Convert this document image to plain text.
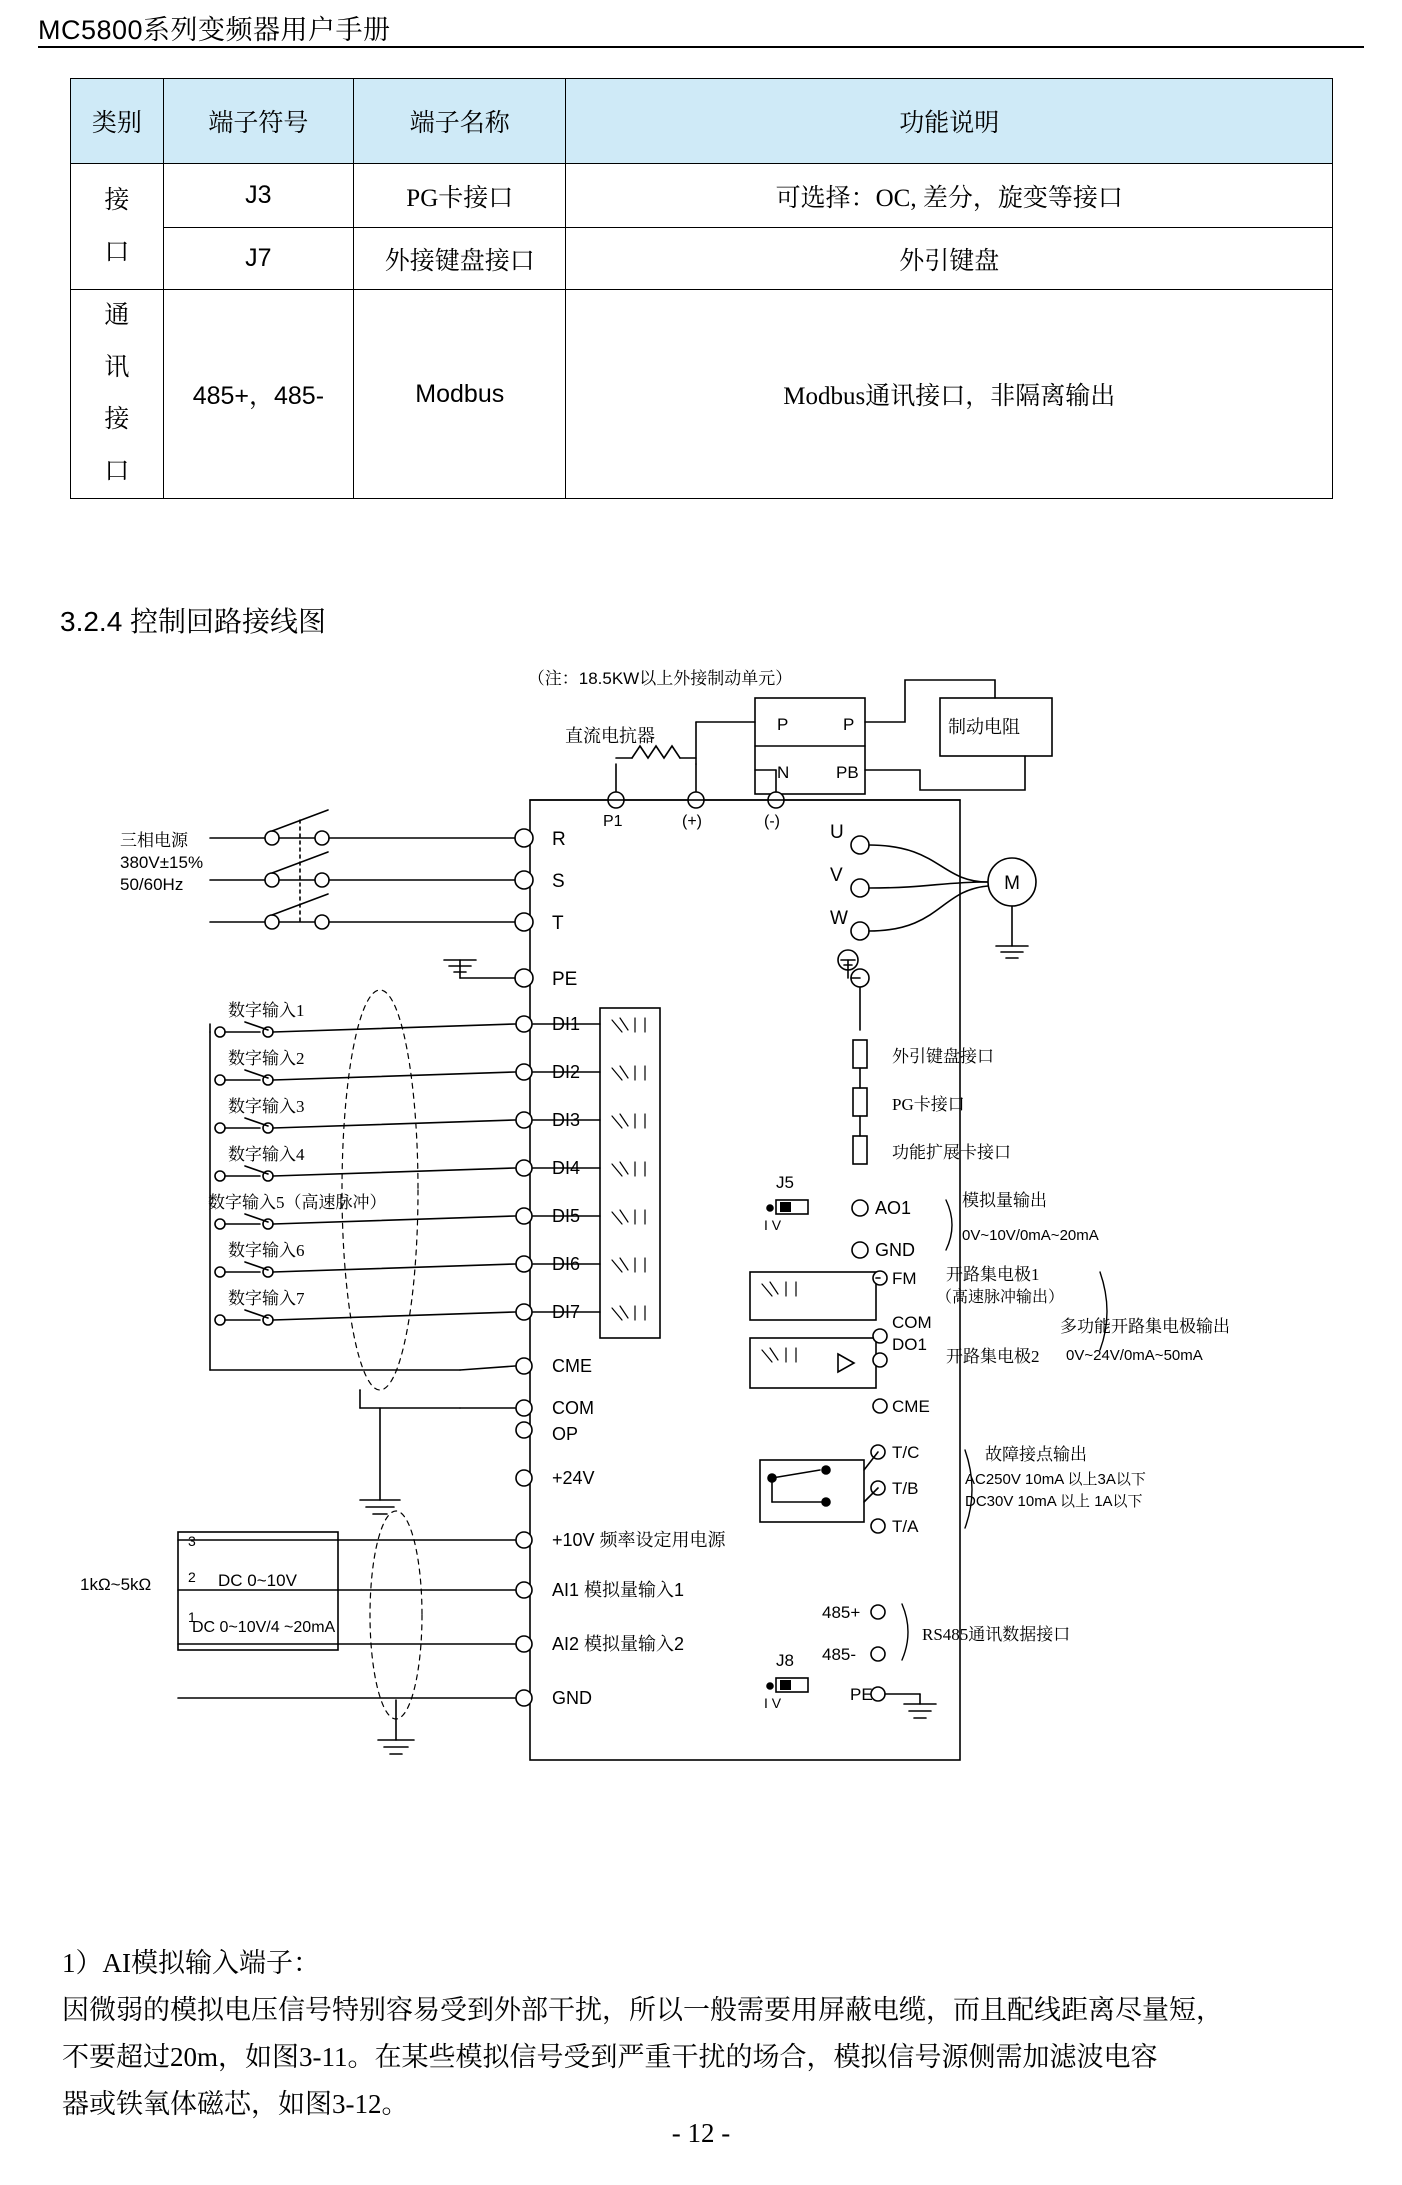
MC5800系列变频器用户手册
类别	端子符号	端子名称	功能说明

接
口	J3	PG卡接口	可选择：OC, 差分，旋变等接口
	J7	外接键盘接口	外引键盘

通
讯
接
口	485+，485-	Modbus	Modbus通讯接口，非隔离输出
3.2.4 控制回路接线图
（注：18.5KW以上外接制动单元）
P	P
N	PB
制动电阻
直流电抗器
P1	(+)	(-)
三相电源
380V±15%
50/60Hz
R
S
T
U
V
W
M
PE
数字输入1
数字输入2
数字输入3
数字输入4
数字输入5（高速脉冲）
数字输入6
数字输入7
DI1
DI2
DI3
DI4
DI5
DI6
DI7
CME
COM
OP
+24V
外引键盘接口
PG卡接口
功能扩展卡接口
J5
I V
AO1
GND
模拟量输出
0V~10V/0mA~20mA
FM 开路集电极1
（高速脉冲输出）
COM
DO1
开路集电极2
CME
多功能开路集电极输出
0V~24V/0mA~50mA
T/C
T/B
T/A
故障接点输出
AC250V 10mA 以上3A以下
DC30V 10mA 以上 1A以下
+10V 频率设定用电源
AI1 模拟量输入1
AI2 模拟量输入2
GND
3
2
1
1kΩ~5kΩ	DC 0~10V
DC 0~10V/4 ~20mA
J8
I V
485+
485-
RS485通讯数据接口
PE

1）AI模拟输入端子：

因微弱的模拟电压信号特别容易受到外部干扰，所以一般需要用屏蔽电缆，而且配线距离尽量短，

不要超过20m，如图3-11。在某些模拟信号受到严重干扰的场合，模拟信号源侧需加滤波电容

器或铁氧体磁芯，如图3-12。

- 12 -
